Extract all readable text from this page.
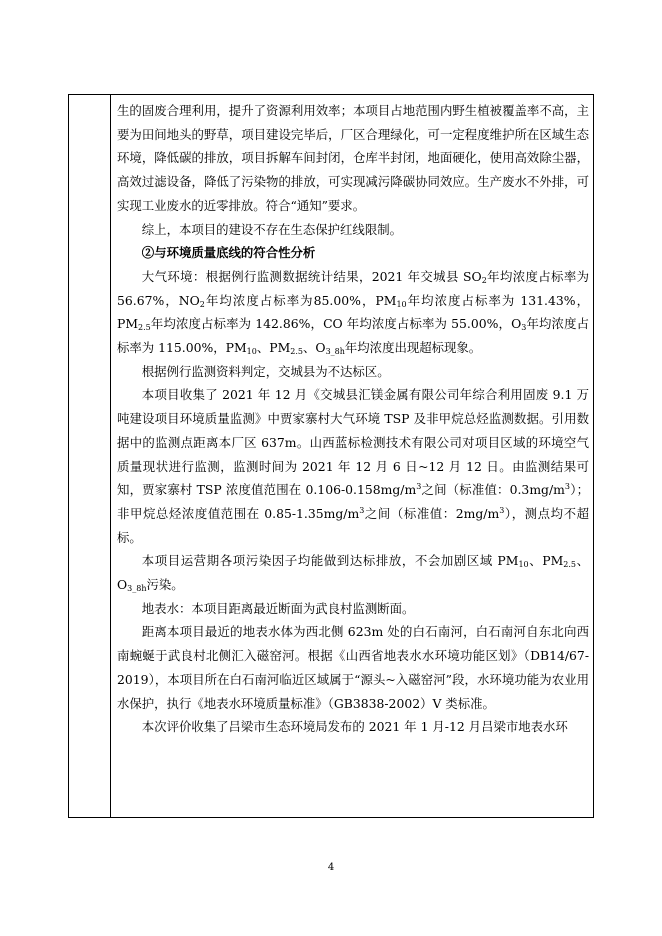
生的固废合理利用，提升了资源利用效率；本项目占地范围内野生植被覆盖率不高，主要为田间地头的野草，项目建设完毕后，厂区合理绿化，可一定程度维护所在区域生态环境，降低碳的排放，项目拆解车间封闭，仓库半封闭，地面硬化，使用高效除尘器，高效过滤设备，降低了污染物的排放，可实现减污降碳协同效应。生产废水不外排，可实现工业废水的近零排放。符合“通知”要求。

综上，本项目的建设不存在生态保护红线限制。

②与环境质量底线的符合性分析

大气环境：根据例行监测数据统计结果，2021 年交城县 $SO_2$年均浓度占标率为56.67%，$NO_2$年均浓度占标率为85.00%，$PM_{10}$年均浓度占标率为 131.43%，$PM_{2.5}$年均浓度占标率为 142.86%，CO 年均浓度占标率为 55.00%，$O_3$年均浓度占标率为 115.00%，$PM_{10}$、$PM_{2.5}$、$O_{3\_8h}$年均浓度出现超标现象。

根据例行监测资料判定，交城县为不达标区。

本项目收集了 2021 年 12 月《交城县汇镁金属有限公司年综合利用固废 9.1 万吨建设项目环境质量监测》中贾家寨村大气环境 TSP 及非甲烷总烃监测数据。引用数据中的监测点距离本厂区 637m。山西蓝标检测技术有限公司对项目区域的环境空气质量现状进行监测，监测时间为 2021 年 12 月 6 日~12 月 12 日。由监测结果可知，贾家寨村 TSP 浓度值范围在 $0.106-0.158mg/m^3$之间（标准值：$0.3mg/m^3$）；非甲烷总烃浓度值范围在 $0.85-1.35mg/m^3$之间（标准值：$2mg/m^3$），测点均不超标。

本项目运营期各项污染因子均能做到达标排放，不会加剧区域 $PM_{10}$、$PM_{2.5}$、$O_{3\_8h}$污染。

地表水：本项目距离最近断面为武良村监测断面。

距离本项目最近的地表水体为西北侧 623m 处的白石南河，白石南河自东北向西南蜿蜒于武良村北侧汇入磁窑河。根据《山西省地表水水环境功能区划》（DB14/67-2019），本项目所在白石南河临近区域属于“源头~入磁窑河”段，水环境功能为农业用水保护，执行《地表水环境质量标准》（GB3838-2002）V 类标准。

本次评价收集了吕梁市生态环境局发布的 2021 年 1 月-12 月吕梁市地表水环

4
